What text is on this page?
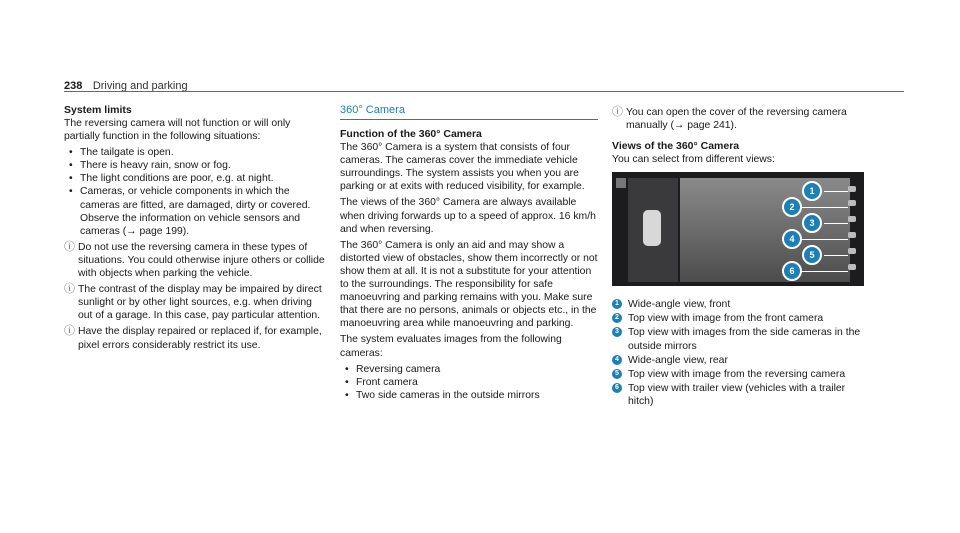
238 Driving and parking
System limits

The reversing camera will not function or will only partially function in the following situations:

• The tailgate is open.
• There is heavy rain, snow or fog.
• The light conditions are poor, e.g. at night.
• Cameras, or vehicle components in which the cameras are fitted, are damaged, dirty or covered. Observe the information on vehicle sensors and cameras (→ page 199).
ⓘ Do not use the reversing camera in these types of situations. You could otherwise injure others or collide with objects when parking the vehicle.
ⓘ The contrast of the display may be impaired by direct sunlight or by other light sources, e.g. when driving out of a garage. In this case, pay particular attention.
ⓘ Have the display repaired or replaced if, for example, pixel errors considerably restrict its use.
360° Camera
Function of the 360° Camera

The 360° Camera is a system that consists of four cameras. The cameras cover the immediate vehicle surroundings. The system assists you when you are parking or at exits with reduced visibility, for example.

The views of the 360° Camera are always available when driving forwards up to a speed of approx. 16 km/h and when reversing.

The 360° Camera is only an aid and may show a distorted view of obstacles, show them incorrectly or not show them at all. It is not a substitute for your attention to the surroundings. The responsibility for safe manoeuvring and parking remains with you. Make sure that there are no persons, animals or objects etc., in the manoeuvring area while manoeuvring and parking.

The system evaluates images from the following cameras:

• Reversing camera
• Front camera
• Two side cameras in the outside mirrors
ⓘ You can open the cover of the reversing camera manually (→ page 241).
Views of the 360° Camera

You can select from different views:

1
2
3
4
5
6
1 Wide-angle view, front
2 Top view with image from the front camera
3 Top view with images from the side cameras in the outside mirrors
4 Wide-angle view, rear
5 Top view with image from the reversing camera
6 Top view with trailer view (vehicles with a trailer hitch)
